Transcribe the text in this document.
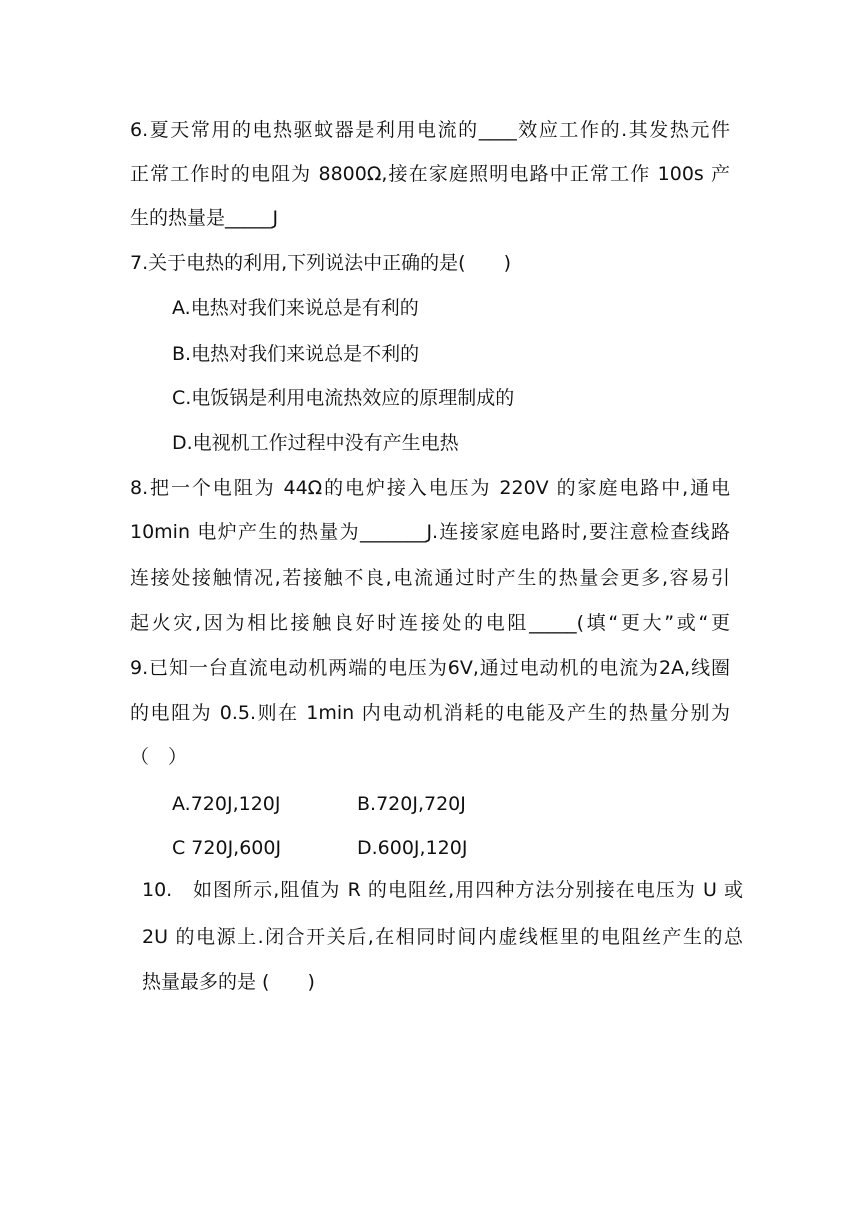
6.夏天常用的电热驱蚊器是利用电流的____效应工作的.其发热元件
正常工作时的电阻为 8800Ω,接在家庭照明电路中正常工作 100s 产
生的热量是_____J
7.关于电热的利用,下列说法中正确的是(　　)
A.电热对我们来说总是有利的
B.电热对我们来说总是不利的
C.电饭锅是利用电流热效应的原理制成的
D.电视机工作过程中没有产生电热
8.把一个电阻为 44Ω的电炉接入电压为 220V 的家庭电路中,通电
10min 电炉产生的热量为_______J.连接家庭电路时,要注意检查线路
连接处接触情况,若接触不良,电流通过时产生的热量会更多,容易引
起火灾,因为相比接触良好时连接处的电阻_____(填“更大”或“更
9.已知一台直流电动机两端的电压为6V,通过电动机的电流为2A,线圈
的电阻为 0.5.则在 1min 内电动机消耗的电能及产生的热量分别为
（　）
A.720J,120J	B.720J,720J
C 720J,600J	D.600J,120J
10. 如图所示,阻值为 R 的电阻丝,用四种方法分别接在电压为 U 或
2U 的电源上.闭合开关后,在相同时间内虚线框里的电阻丝产生的总
热量最多的是 (　　)
